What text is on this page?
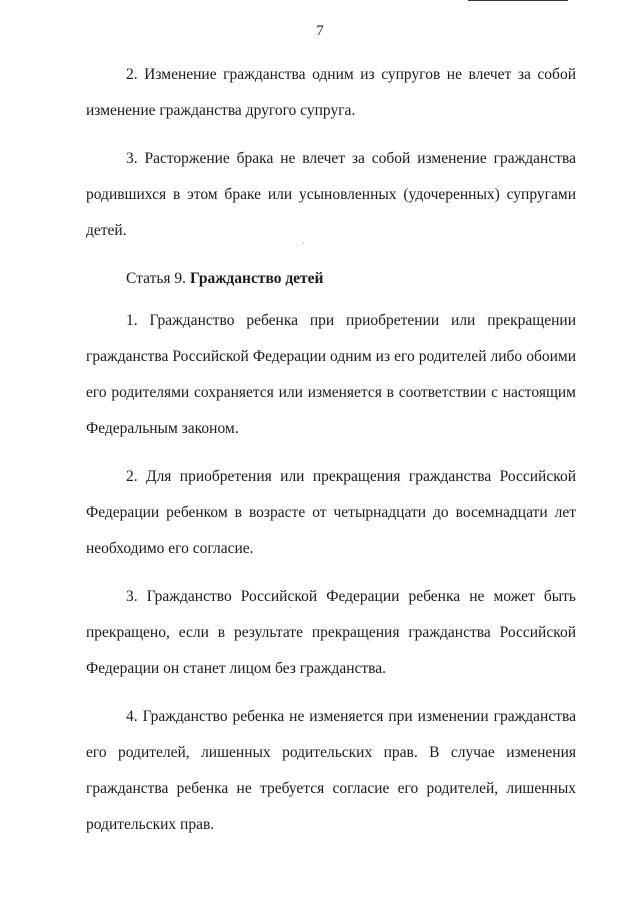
7

2. Изменение гражданства одним из супругов не влечет за собой изменение гражданства другого супруга.

3. Расторжение брака не влечет за собой изменение гражданства родившихся в этом браке или усыновленных (удочеренных) супругами детей.

Статья 9. Гражданство детей

1. Гражданство ребенка при приобретении или прекращении гражданства Российской Федерации одним из его родителей либо обоими его родителями сохраняется или изменяется в соответствии с настоящим Федеральным законом.

2. Для приобретения или прекращения гражданства Российской Федерации ребенком в возрасте от четырнадцати до восемнадцати лет необходимо его согласие.

3. Гражданство Российской Федерации ребенка не может быть прекращено, если в результате прекращения гражданства Российской Федерации он станет лицом без гражданства.

4. Гражданство ребенка не изменяется при изменении гражданства его родителей, лишенных родительских прав. В случае изменения гражданства ребенка не требуется согласие его родителей, лишенных родительских прав.
